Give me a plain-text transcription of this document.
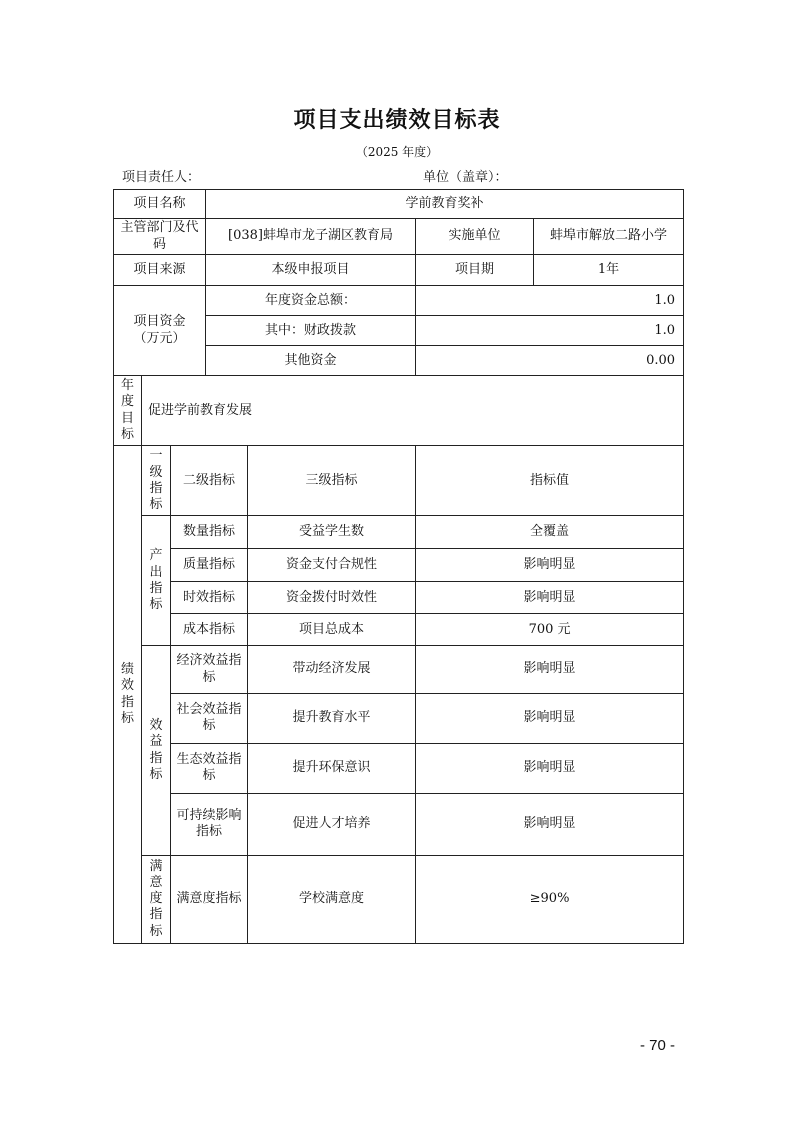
项目支出绩效目标表
（2025 年度）
项目责任人：	单位（盖章）：
项目名称			学前教育奖补			
主管部门及代码			[038]蚌埠市龙子湖区教育局		实施单位	蚌埠市解放二路小学
项目来源			本级申报项目		项目期	1年

项目资金
（万元）			年度资金总额：		1.0	
			其中：财政拨款		1.0	
			其他资金		0.00	

年
度
目
标	促进学前教育发展					

绩
效
指
标	一
级
指
标	二级指标		三级指标	指标值	

	产
出
指
标	数量指标		受益学生数	全覆盖	
		质量指标		资金支付合规性	影响明显	
		时效指标		资金拨付时效性	影响明显	
		成本指标		项目总成本	700 元	

	效
益
指
标	经济效益指标		带动经济发展	影响明显	
		社会效益指标		提升教育水平	影响明显	
		生态效益指标		提升环保意识	影响明显	
		可持续影响指标		促进人才培养	影响明显	

	满
意
度
指
标	满意度指标		学校满意度	≥90%	
- 70 -
